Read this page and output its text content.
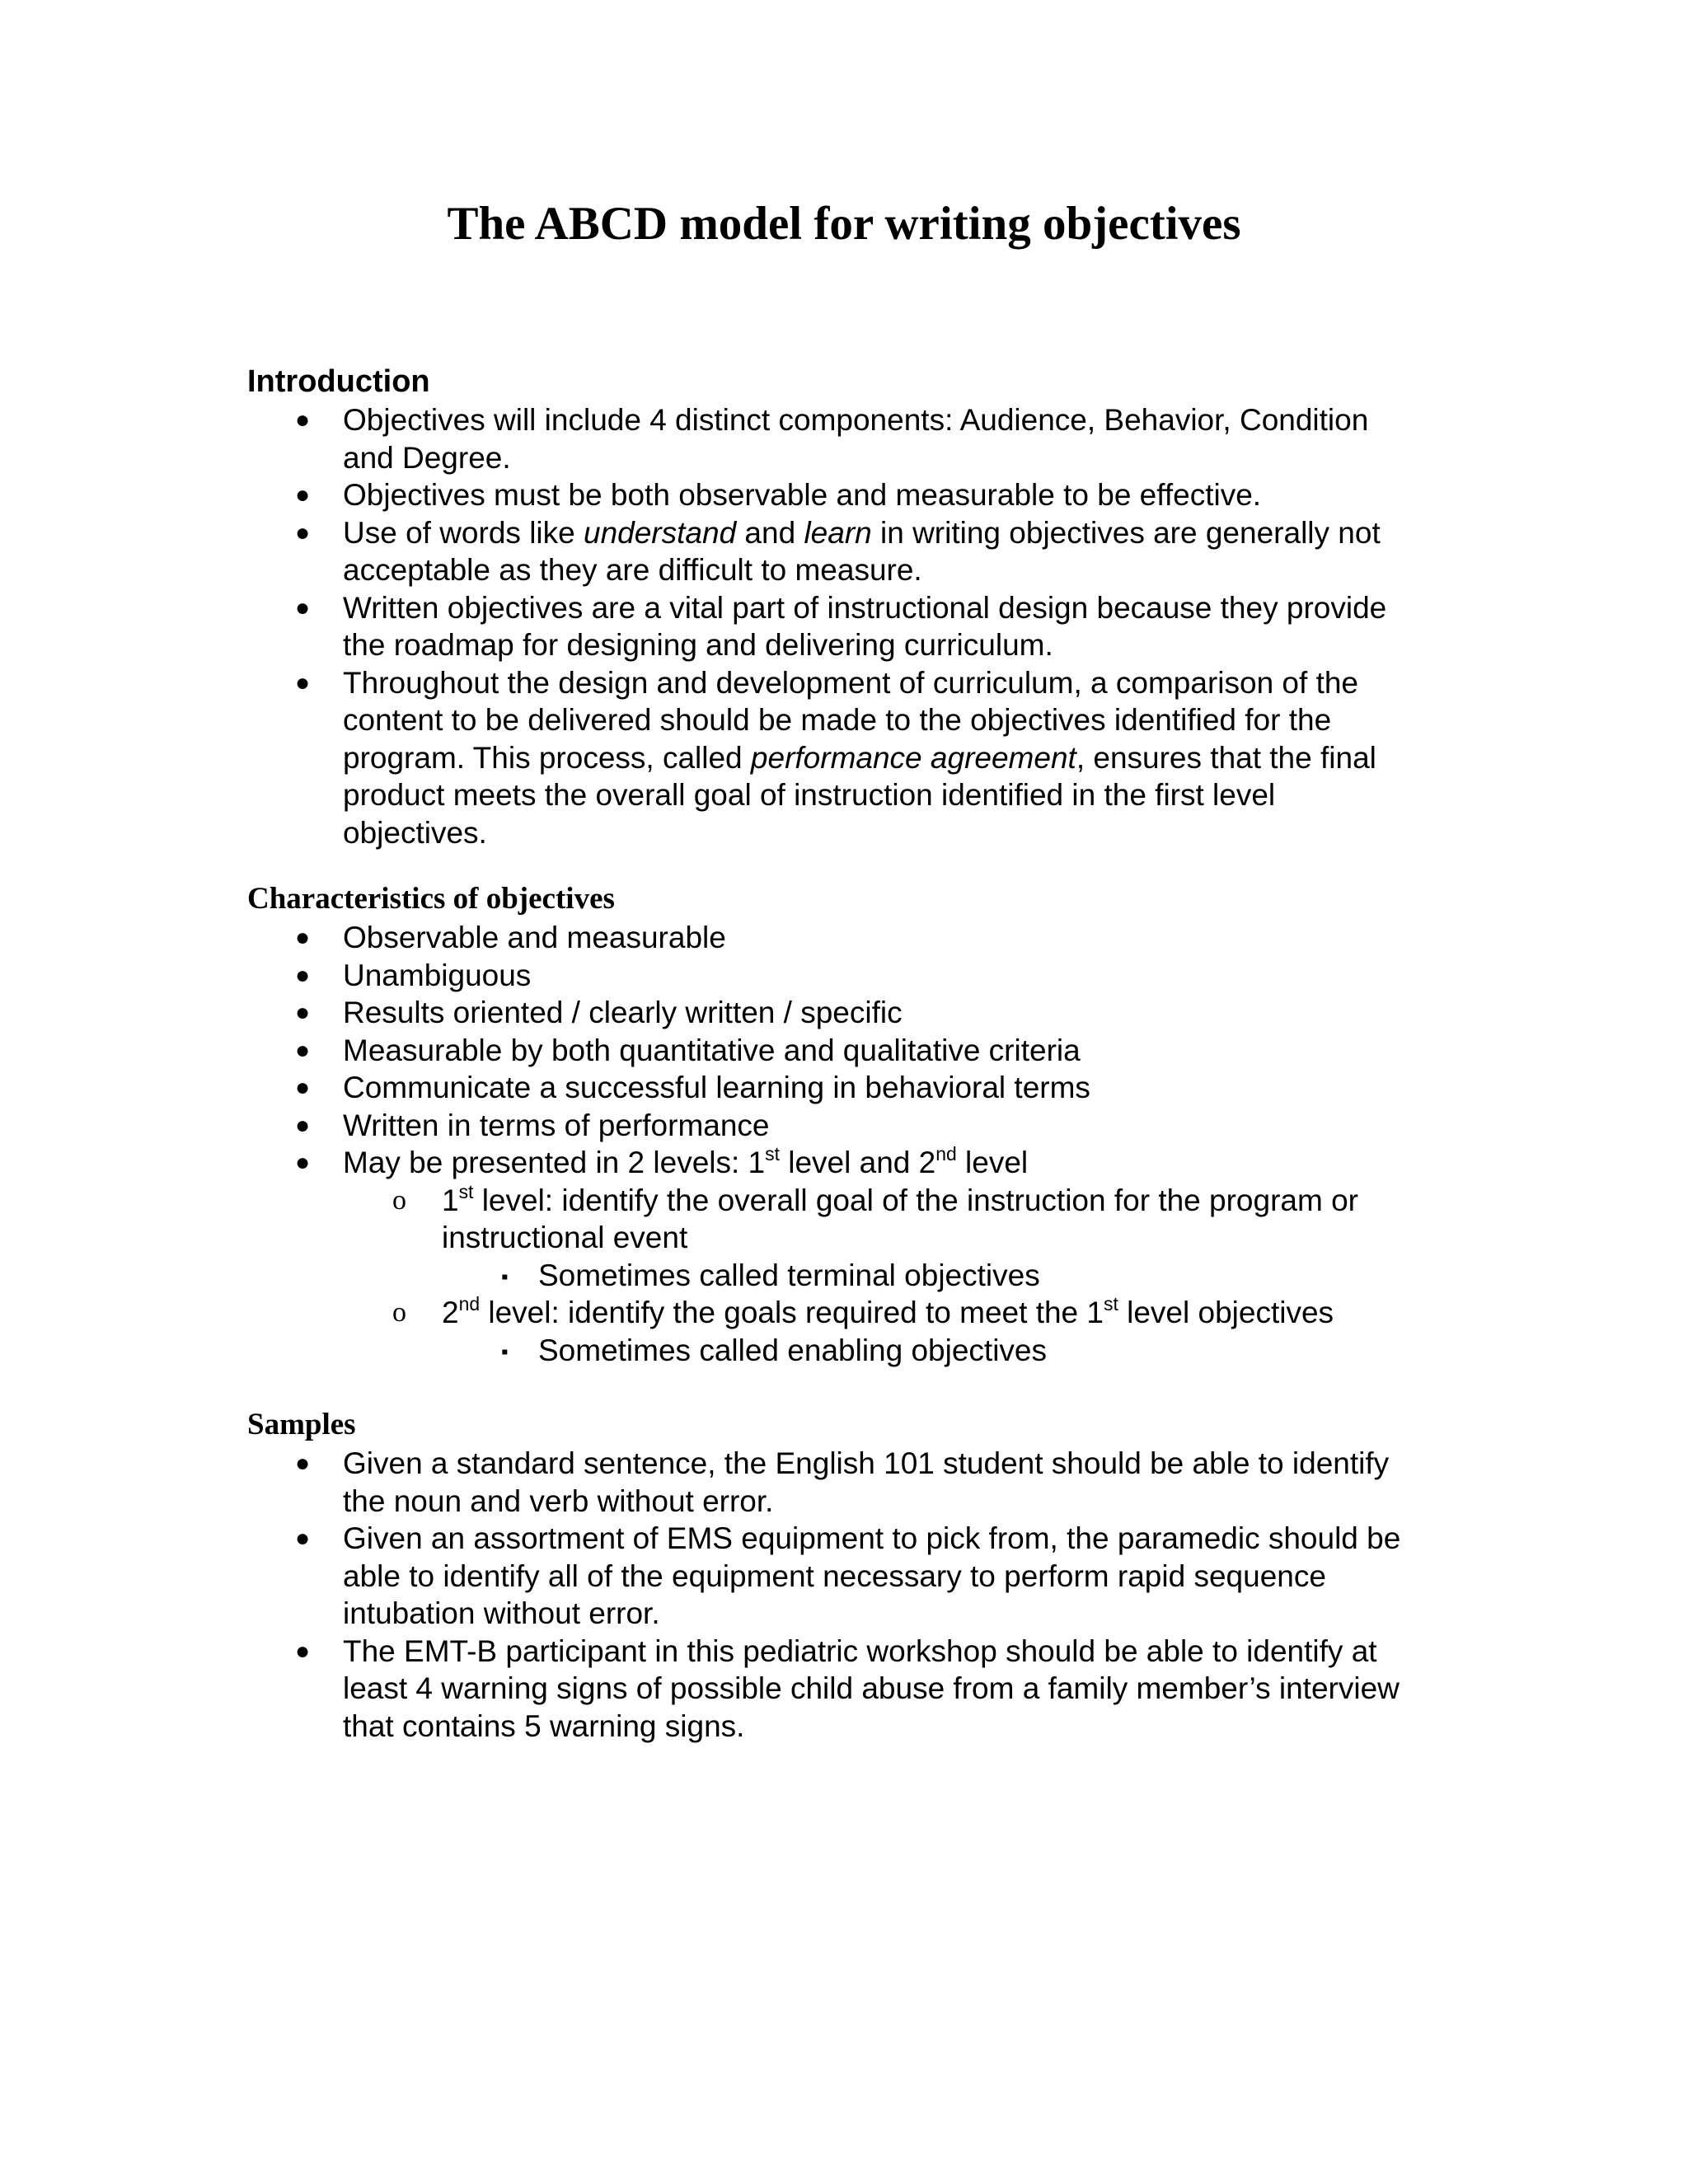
The ABCD model for writing objectives
Introduction
● Objectives will include 4 distinct components: Audience, Behavior, Condition and Degree.
● Objectives must be both observable and measurable to be effective.
● Use of words like understand and learn in writing objectives are generally not acceptable as they are difficult to measure.
● Written objectives are a vital part of instructional design because they provide the roadmap for designing and delivering curriculum.
● Throughout the design and development of curriculum, a comparison of the content to be delivered should be made to the objectives identified for the program. This process, called performance agreement, ensures that the final product meets the overall goal of instruction identified in the first level objectives.
Characteristics of objectives
● Observable and measurable
● Unambiguous
● Results oriented / clearly written / specific
● Measurable by both quantitative and qualitative criteria
● Communicate a successful learning in behavioral terms
● Written in terms of performance
● May be presented in 2 levels: 1st level and 2nd level
o 1st level: identify the overall goal of the instruction for the program or instructional event
▪ Sometimes called terminal objectives
o 2nd level: identify the goals required to meet the 1st level objectives
▪ Sometimes called enabling objectives
Samples
● Given a standard sentence, the English 101 student should be able to identify the noun and verb without error.
● Given an assortment of EMS equipment to pick from, the paramedic should be able to identify all of the equipment necessary to perform rapid sequence intubation without error.
● The EMT-B participant in this pediatric workshop should be able to identify at least 4 warning signs of possible child abuse from a family member’s interview that contains 5 warning signs.
